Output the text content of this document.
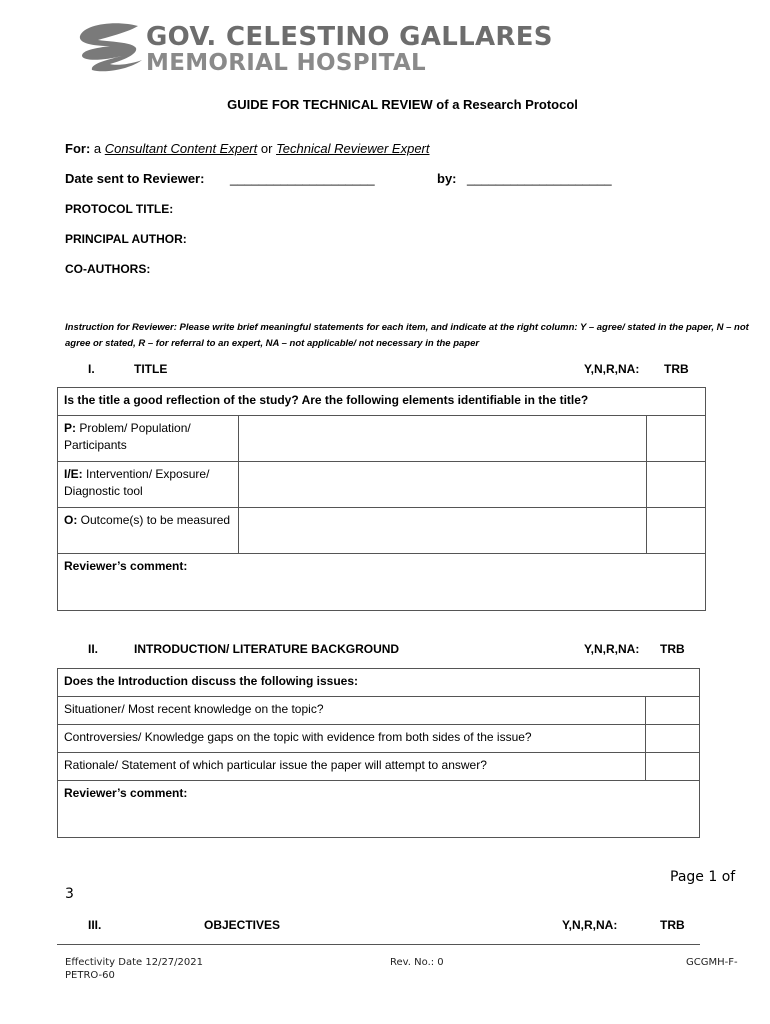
GOV. CELESTINO GALLARES
MEMORIAL HOSPITAL
GUIDE FOR TECHNICAL REVIEW of a Research Protocol
For: a Consultant Content Expert or Technical Reviewer Expert
Date sent to Reviewer: ____________________	by: ____________________
PROTOCOL TITLE:
PRINCIPAL AUTHOR:
CO-AUTHORS:
Instruction for Reviewer: Please write brief meaningful statements for each item, and indicate at the right column: Y – agree/ stated in the paper, N – not agree or stated, R – for referral to an expert, NA – not applicable/ not necessary in the paper
I.	TITLE	Y,N,R,NA: TRB
Is the title a good reflection of the study? Are the following elements identifiable in the title?		
P: Problem/ Population/ Participants		
I/E: Intervention/ Exposure/ Diagnostic tool		
O: Outcome(s) to be measured		
Reviewer’s comment:		
II.	INTRODUCTION/ LITERATURE BACKGROUND	Y,N,R,NA: TRB
Does the Introduction discuss the following issues:	
Situationer/ Most recent knowledge on the topic?	
Controversies/ Knowledge gaps on the topic with evidence from both sides of the issue?	
Rationale/ Statement of which particular issue the paper will attempt to answer?	
Reviewer’s comment:	
Page 1 of
3
III.	OBJECTIVES	Y,N,R,NA:	TRB
Effectivity Date 12/27/2021
PETRO-60
Rev. No.: 0	GCGMH-F-
